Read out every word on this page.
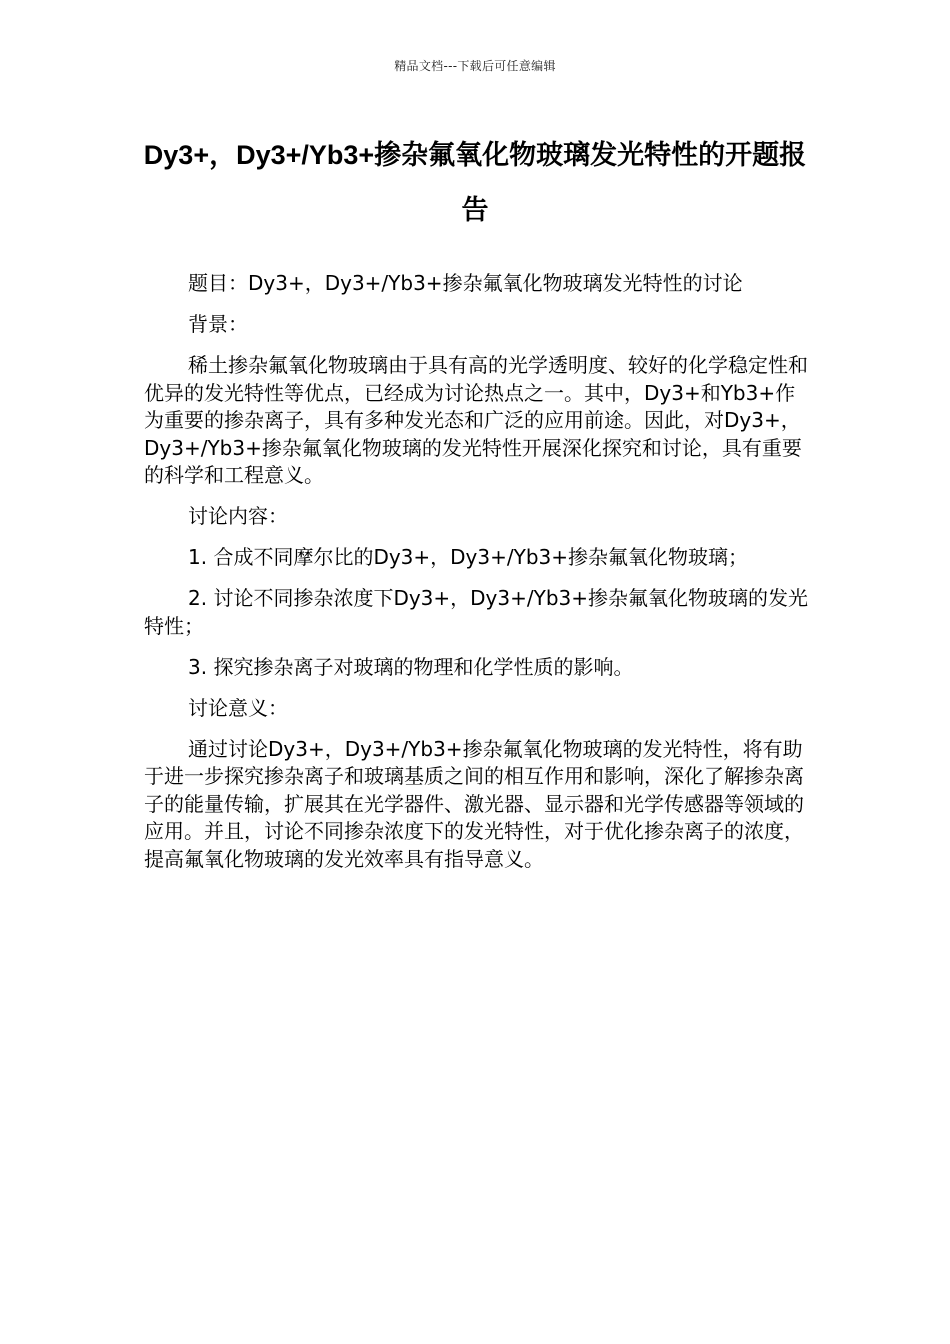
精品文档---下载后可任意编辑
Dy3+，Dy3+/Yb3+掺杂氟氧化物玻璃发光特性的开题报告

题目：Dy3+，Dy3+/Yb3+掺杂氟氧化物玻璃发光特性的讨论

背景：

稀土掺杂氟氧化物玻璃由于具有高的光学透明度、较好的化学稳定性和优异的发光特性等优点，已经成为讨论热点之一。其中，Dy3+和Yb3+作为重要的掺杂离子，具有多种发光态和广泛的应用前途。因此，对Dy3+，Dy3+/Yb3+掺杂氟氧化物玻璃的发光特性开展深化探究和讨论，具有重要的科学和工程意义。

讨论内容：

1. 合成不同摩尔比的Dy3+，Dy3+/Yb3+掺杂氟氧化物玻璃；

2. 讨论不同掺杂浓度下Dy3+，Dy3+/Yb3+掺杂氟氧化物玻璃的发光特性；

3. 探究掺杂离子对玻璃的物理和化学性质的影响。

讨论意义：

通过讨论Dy3+，Dy3+/Yb3+掺杂氟氧化物玻璃的发光特性，将有助于进一步探究掺杂离子和玻璃基质之间的相互作用和影响，深化了解掺杂离子的能量传输，扩展其在光学器件、激光器、显示器和光学传感器等领域的应用。并且，讨论不同掺杂浓度下的发光特性，对于优化掺杂离子的浓度，提高氟氧化物玻璃的发光效率具有指导意义。
